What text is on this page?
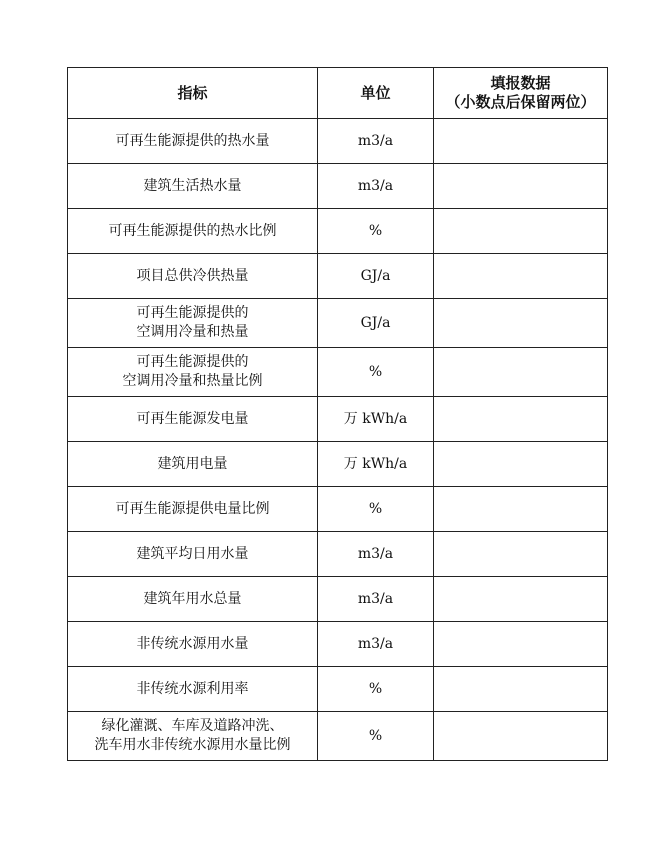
指标	单位	填报数据
（小数点后保留两位）
可再生能源提供的热水量	m3/a	
建筑生活热水量	m3/a	
可再生能源提供的热水比例	%	
项目总供冷供热量	GJ/a	
可再生能源提供的
空调用冷量和热量	GJ/a	
可再生能源提供的
空调用冷量和热量比例	%	
可再生能源发电量	万 kWh/a	
建筑用电量	万 kWh/a	
可再生能源提供电量比例	%	
建筑平均日用水量	m3/a	
建筑年用水总量	m3/a	
非传统水源用水量	m3/a	
非传统水源利用率	%	
绿化灌溉、车库及道路冲洗、
洗车用水非传统水源用水量比例	%	
